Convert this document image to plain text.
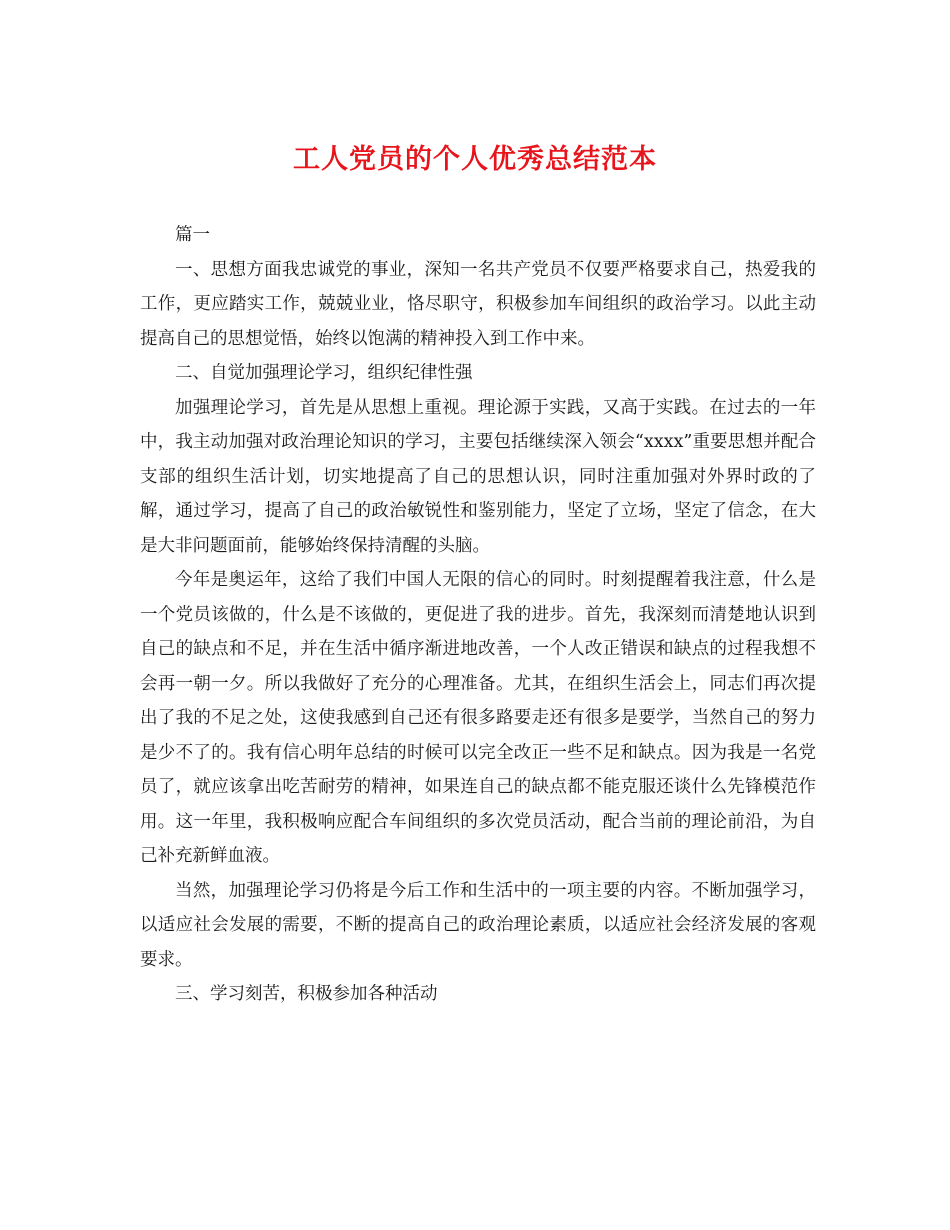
工人党员的个人优秀总结范本

篇一

一、思想方面我忠诚党的事业，深知一名共产党员不仅要严格要求自己，热爱我的工作，更应踏实工作，兢兢业业，恪尽职守，积极参加车间组织的政治学习。以此主动提高自己的思想觉悟，始终以饱满的精神投入到工作中来。

二、自觉加强理论学习，组织纪律性强

加强理论学习，首先是从思想上重视。理论源于实践，又高于实践。在过去的一年中，我主动加强对政治理论知识的学习，主要包括继续深入领会“xxxx”重要思想并配合支部的组织生活计划，切实地提高了自己的思想认识，同时注重加强对外界时政的了解，通过学习，提高了自己的政治敏锐性和鉴别能力，坚定了立场，坚定了信念，在大是大非问题面前，能够始终保持清醒的头脑。

今年是奥运年，这给了我们中国人无限的信心的同时。时刻提醒着我注意，什么是一个党员该做的，什么是不该做的，更促进了我的进步。首先，我深刻而清楚地认识到自己的缺点和不足，并在生活中循序渐进地改善，一个人改正错误和缺点的过程我想不会再一朝一夕。所以我做好了充分的心理准备。尤其，在组织生活会上，同志们再次提出了我的不足之处，这使我感到自己还有很多路要走还有很多是要学，当然自己的努力是少不了的。我有信心明年总结的时候可以完全改正一些不足和缺点。因为我是一名党员了，就应该拿出吃苦耐劳的精神，如果连自己的缺点都不能克服还谈什么先锋模范作用。这一年里，我积极响应配合车间组织的多次党员活动，配合当前的理论前沿，为自己补充新鲜血液。

当然，加强理论学习仍将是今后工作和生活中的一项主要的内容。不断加强学习，以适应社会发展的需要，不断的提高自己的政治理论素质，以适应社会经济发展的客观要求。

三、学习刻苦，积极参加各种活动
